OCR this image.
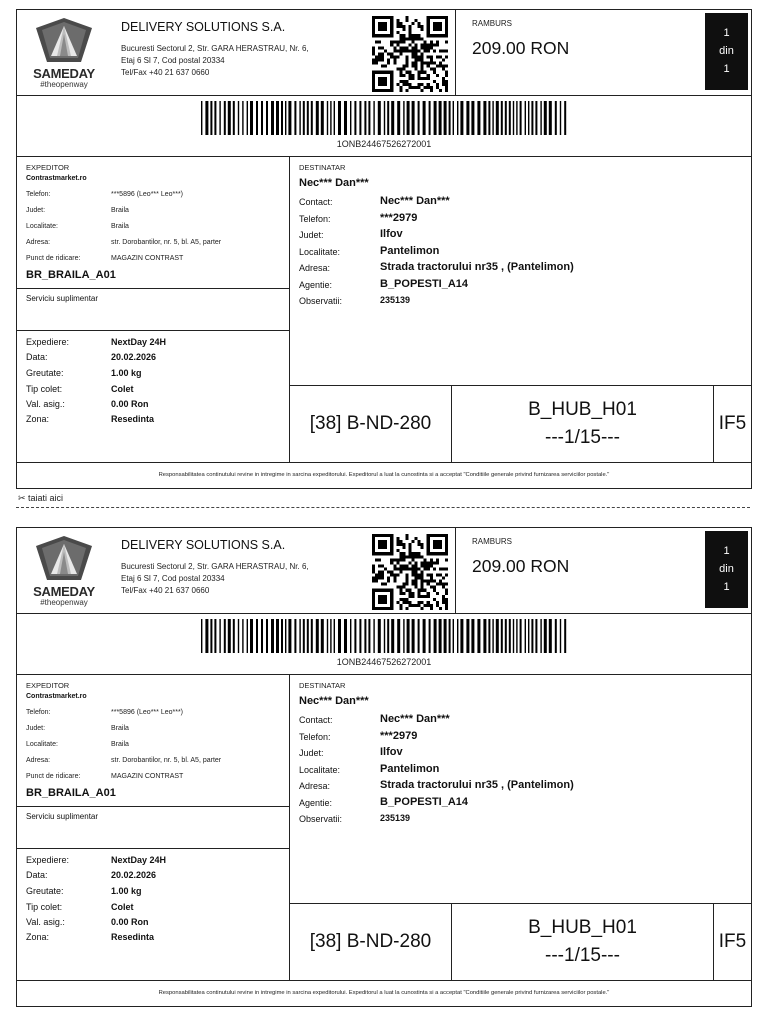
SAMEDAY
#theopenway
DELIVERY SOLUTIONS S.A.
Bucuresti Sectorul 2, Str. GARA HERASTRAU, Nr. 6,
Etaj 6 Sl 7, Cod postal 20334
Tel/Fax +40 21 637 0660
RAMBURS
209.00 RON
1
din
1
1ONB24467526272001
EXPEDITOR
Contrastmarket.ro
Telefon:	***5896 (Leo*** Leo***)
Judet:	Braila
Localitate:	Braila
Adresa:	str. Dorobantilor, nr. 5, bl. A5, parter
Punct de ridicare:	MAGAZIN CONTRAST
BR_BRAILA_A01
Serviciu suplimentar
Expediere:	NextDay 24H
Data:	20.02.2026
Greutate:	1.00 kg
Tip colet:	Colet
Val. asig.:	0.00 Ron
Zona:	Resedinta
DESTINATAR
Nec*** Dan***
Contact:	Nec*** Dan***
Telefon:	***2979
Judet:	Ilfov
Localitate:	Pantelimon
Adresa:	Strada tractorului nr35 , (Pantelimon)
Agentie:	B_POPESTI_A14
Observatii:	235139
[38] B-ND-280
B_HUB_H01
---1/15---
IF5
Responsabilitatea continutului revine in intregime in sarcina expeditorului. Expeditorul a luat la cunostinta si a acceptat "Conditiile generale privind furnizarea serviciilor postale."
✂ taiati aici
SAMEDAY
#theopenway
DELIVERY SOLUTIONS S.A.
Bucuresti Sectorul 2, Str. GARA HERASTRAU, Nr. 6,
Etaj 6 Sl 7, Cod postal 20334
Tel/Fax +40 21 637 0660
RAMBURS
209.00 RON
1
din
1
1ONB24467526272001
EXPEDITOR
Contrastmarket.ro
Telefon:	***5896 (Leo*** Leo***)
Judet:	Braila
Localitate:	Braila
Adresa:	str. Dorobantilor, nr. 5, bl. A5, parter
Punct de ridicare:	MAGAZIN CONTRAST
BR_BRAILA_A01
Serviciu suplimentar
Expediere:	NextDay 24H
Data:	20.02.2026
Greutate:	1.00 kg
Tip colet:	Colet
Val. asig.:	0.00 Ron
Zona:	Resedinta
DESTINATAR
Nec*** Dan***
Contact:	Nec*** Dan***
Telefon:	***2979
Judet:	Ilfov
Localitate:	Pantelimon
Adresa:	Strada tractorului nr35 , (Pantelimon)
Agentie:	B_POPESTI_A14
Observatii:	235139
[38] B-ND-280
B_HUB_H01
---1/15---
IF5
Responsabilitatea continutului revine in intregime in sarcina expeditorului. Expeditorul a luat la cunostinta si a acceptat "Conditiile generale privind furnizarea serviciilor postale."
